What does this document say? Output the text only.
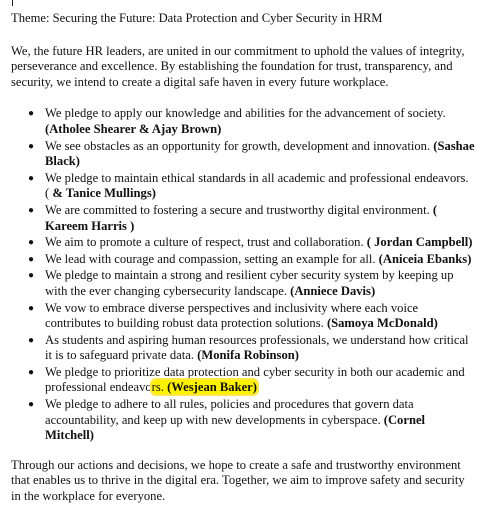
Theme: Securing the Future: Data Protection and Cyber Security in HRM
We, the future HR leaders, are united in our commitment to uphold the values of integrity, perseverance and excellence. By establishing the foundation for trust, transparency, and security, we intend to create a digital safe haven in every future workplace.
● We pledge to apply our knowledge and abilities for the advancement of society. (Atholee Shearer & Ajay Brown)
● We see obstacles as an opportunity for growth, development and innovation. (Sashae Black)
● We pledge to maintain ethical standards in all academic and professional endeavors. ( & Tanice Mullings)
● We are committed to fostering a secure and trustworthy digital environment. ( Kareem Harris )
● We aim to promote a culture of respect, trust and collaboration. ( Jordan Campbell)
● We lead with courage and compassion, setting an example for all. (Aniceia Ebanks)
● We pledge to maintain a strong and resilient cyber security system by keeping up with the ever changing cybersecurity landscape. (Anniece Davis)
● We vow to embrace diverse perspectives and inclusivity where each voice contributes to building robust data protection solutions. (Samoya McDonald)
● As students and aspiring human resources professionals, we understand how critical it is to safeguard private data. (Monifa Robinson)
● We pledge to prioritize data protection and cyber security in both our academic and professional endeavors. (Wesjean Baker)
● We pledge to adhere to all rules, policies and procedures that govern data accountability, and keep up with new developments in cyberspace. (Cornel Mitchell)
Through our actions and decisions, we hope to create a safe and trustworthy environment that enables us to thrive in the digital era. Together, we aim to improve safety and security in the workplace for everyone.
